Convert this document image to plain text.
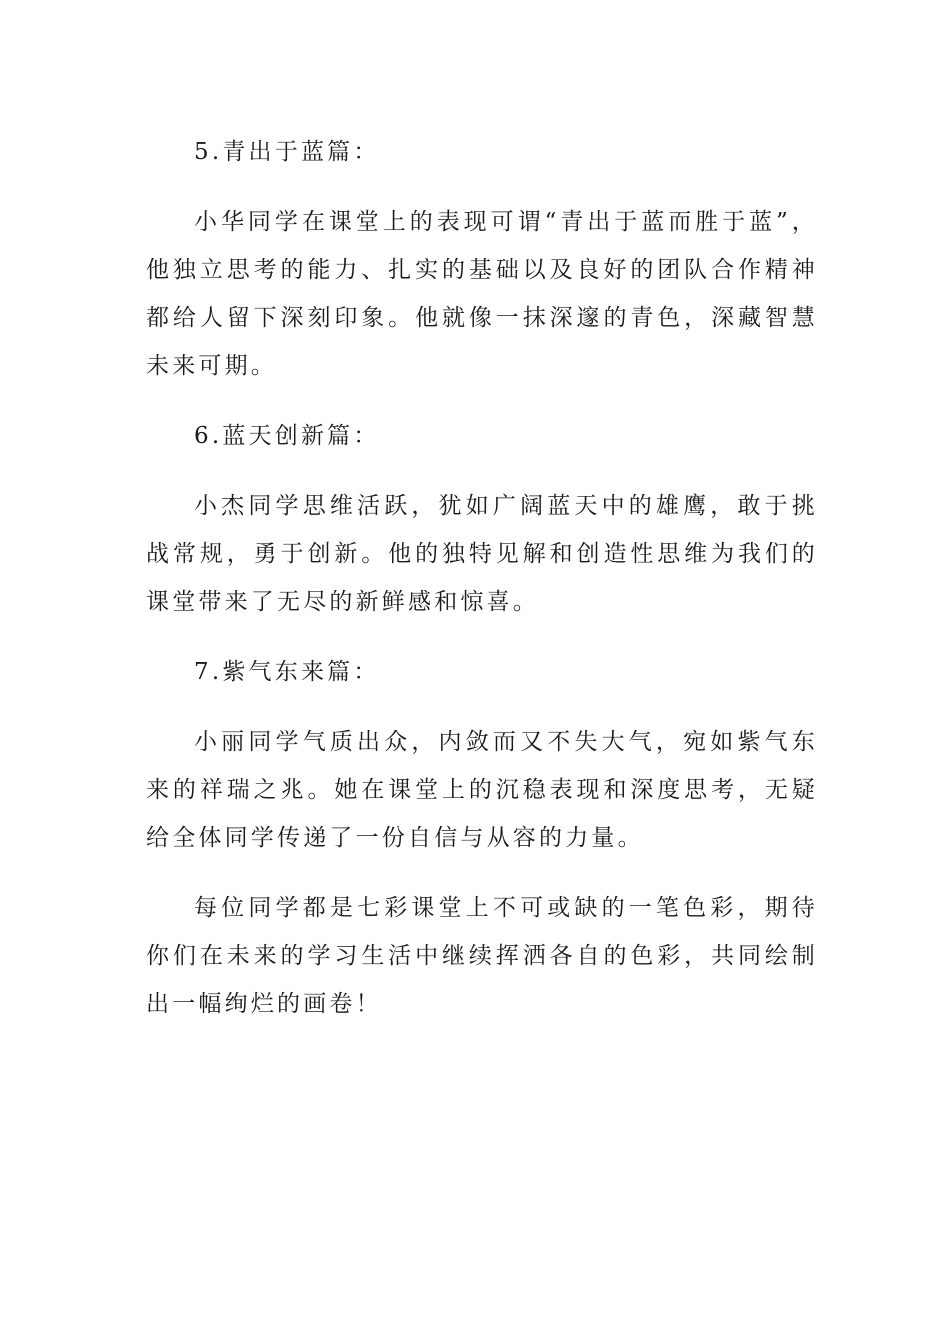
5.青出于蓝篇：

小华同学在课堂上的表现可谓“青出于蓝而胜于蓝”，他独立思考的能力、扎实的基础以及良好的团队合作精神都给人留下深刻印象。他就像一抹深邃的青色，深藏智慧未来可期。

6.蓝天创新篇：

小杰同学思维活跃，犹如广阔蓝天中的雄鹰，敢于挑战常规，勇于创新。他的独特见解和创造性思维为我们的课堂带来了无尽的新鲜感和惊喜。

7.紫气东来篇：

小丽同学气质出众，内敛而又不失大气，宛如紫气东来的祥瑞之兆。她在课堂上的沉稳表现和深度思考，无疑给全体同学传递了一份自信与从容的力量。

每位同学都是七彩课堂上不可或缺的一笔色彩，期待你们在未来的学习生活中继续挥洒各自的色彩，共同绘制出一幅绚烂的画卷！
